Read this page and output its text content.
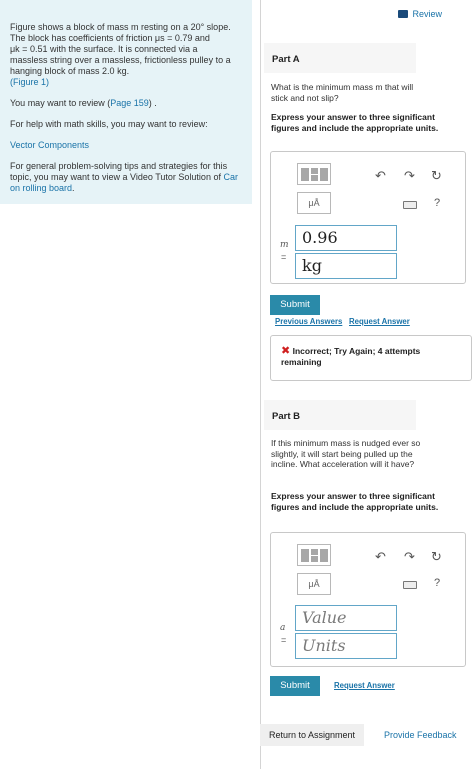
Figure shows a block of mass m resting on a 20° slope.
The block has coefficients of friction μs = 0.79 and
μk = 0.51 with the surface. It is connected via a
massless string over a massless, frictionless pulley to a
hanging block of mass 2.0 kg.
(Figure 1)

You may want to review (Page 159) .

For help with math skills, you may want to review:

Vector Components

For general problem-solving tips and strategies for this topic, you may want to view a Video Tutor Solution of Car on rolling board.

Review
Part A
What is the minimum mass m that will stick and not slip?
Express your answer to three significant figures and include the appropriate units.
μÅ
↶ ↷ ↻
?
m
=
0.96
kg
Submit
Previous Answers Request Answer
✖ Incorrect; Try Again; 4 attempts remaining
Part B
If this minimum mass is nudged ever so slightly, it will start being pulled up the incline. What acceleration will it have?
Express your answer to three significant figures and include the appropriate units.
μÅ
↶ ↷ ↻
?
a
=
Value
Units
Submit	Request Answer
Return to Assignment	Provide Feedback
